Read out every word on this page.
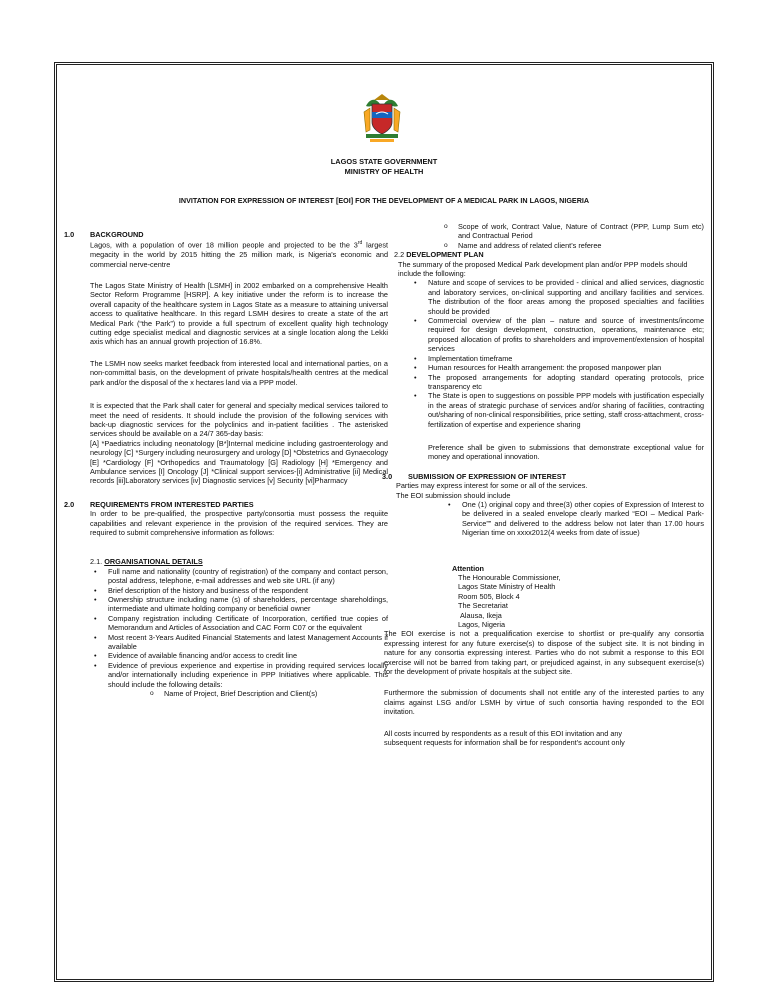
LAGOS STATE GOVERNMENT
MINISTRY OF HEALTH
INVITATION FOR EXPRESSION OF INTEREST [EOI] FOR THE DEVELOPMENT OF A MEDICAL PARK IN LAGOS, NIGERIA
1.0 BACKGROUND

Lagos, with a population of over 18 million people and projected to be the 3rd largest megacity in the world by 2015 hitting the 25 million mark, is Nigeria's economic and commercial nerve-centre

The Lagos State Ministry of Health [LSMH] in 2002 embarked on a comprehensive Health Sector Reform Programme [HSRP]. A key initiative under the reform is to increase the overall capacity of the healthcare system in Lagos State as a measure to attaining universal access to qualitative healthcare. In this regard LSMH desires to create a state of the art Medical Park (“the Park”) to provide a full spectrum of excellent quality high technology cutting edge specialist medical and diagnostic services at a single location along the Lekki axis which has an annual growth projection of 16.8%.

The LSMH now seeks market feedback from interested local and international parties, on a non-committal basis, on the development of private hospitals/health centres at the medical park and/or the disposal of the x hectares land via a PPP model.

It is expected that the Park shall cater for general and specialty medical services tailored to meet the need of residents. It should include the provision of the following services with back-up diagnostic services for the polyclinics and in-patient facilities . The asterisked services should be available on a 24/7 365-day basis:

[A] *Paediatrics including neonatology [B*]Internal medicine including gastroenterology and neurology [C] *Surgery including neurosurgery and urology [D] *Obstetrics and Gynaecology [E] *Cardiology [F] *Orthopedics and Traumatology [G] Radiology [H] *Emergency and Ambulance services [I] Oncology [J] *Clinical support services-[i] Administrative [ii] Medical records [iii]Laboratory services [iv] Diagnostic services [v] Security [vi]Pharmacy

2.0 REQUIREMENTS FROM INTERESTED PARTIES

In order to be pre-qualified, the prospective party/consortia must possess the requiite capabilities and relevant experience in the provision of the required services. They are required to submit comprehensive information as follows:

2.1. ORGANISATIONAL DETAILS

• Full name and nationality (country of registration) of the company and contact person, postal address, telephone, e-mail addresses and web site URL (if any)
• Brief description of the history and business of the respondent
• Ownership structure including name (s) of shareholders, percentage shareholdings, intermediate and ultimate holding company or beneficial owner
• Company registration including Certificate of Incorporation, certified true copies of Memorandum and Articles of Association and CAC Form C07 or the equivalent
• Most recent 3-Years Audited Financial Statements and latest Management Accounts if available
• Evidence of available financing and/or access to credit line
• Evidence of previous experience and expertise in providing required services locally and/or internationally including experience in PPP Initiatives where applicable. This should include the following details:
o Name of Project, Brief Description and Client(s)
o Scope of work, Contract Value, Nature of Contract (PPP, Lump Sum etc) and Contractual Period
o Name and address of related client’s referee

2.2 DEVELOPMENT PLAN

The summary of the proposed Medical Park development plan and/or PPP models should include the following:

• Nature and scope of services to be provided - clinical and allied services, diagnostic and laboratory services, on-clinical supporting and ancillary facilities and services. The distribution of the floor areas among the proposed specialties and facilities should be provided
• Commercial overview of the plan – nature and source of investments/income required for design development, construction, operations, maintenance etc; proposed allocation of profits to shareholders and improvement/extension of hospital services
• Implementation timeframe
• Human resources for Health arrangement: the proposed manpower plan
• The proposed arrangements for adopting standard operating protocols, price transparency etc
• The State is open to suggestions on possible PPP models with justification especially in the areas of strategic purchase of services and/or sharing of facilities, contracting out/sharing of non-clinical responsibilities, price setting, staff cross-attachment, cross-fertilization of expertise and experience sharing

Preference shall be given to submissions that demonstrate exceptional value for money and operational innovation.

3.0	SUBMISSION OF EXPRESSION OF INTEREST

Parties may express interest for some or all of the services.

The EOI submission should include

• One (1) original copy and three(3) other copies of Expression of Interest to be delivered in a sealed envelope clearly marked “EOI – Medical Park-Service”” and delivered to the address below not later than 17.00 hours Nigerian time on xxxx2012(4 weeks from date of issue)

Attention

The Honourable Commissioner,

Lagos State Ministry of Health

Room 505, Block 4

The Secretariat

Alausa, Ikeja

Lagos, Nigeria

The EOI exercise is not a prequalification exercise to shortlist or pre-qualify any consortia expressing interest for any future exercise(s) to dispose of the subject site. It is not binding in nature for any consortia expressing interest. Parties who do not submit a response to this EOI exercise will not be barred from taking part, or prejudiced against, in any subsequent exercise(s) for the development of private hospitals at the subject site.

Furthermore the submission of documents shall not entitle any of the interested parties to any claims against LSG and/or LSMH by virtue of such consortia having responded to the EOI invitation.

All costs incurred by respondents as a result of this EOI invitation and any subsequent requests for information shall be for respondent’s account only
